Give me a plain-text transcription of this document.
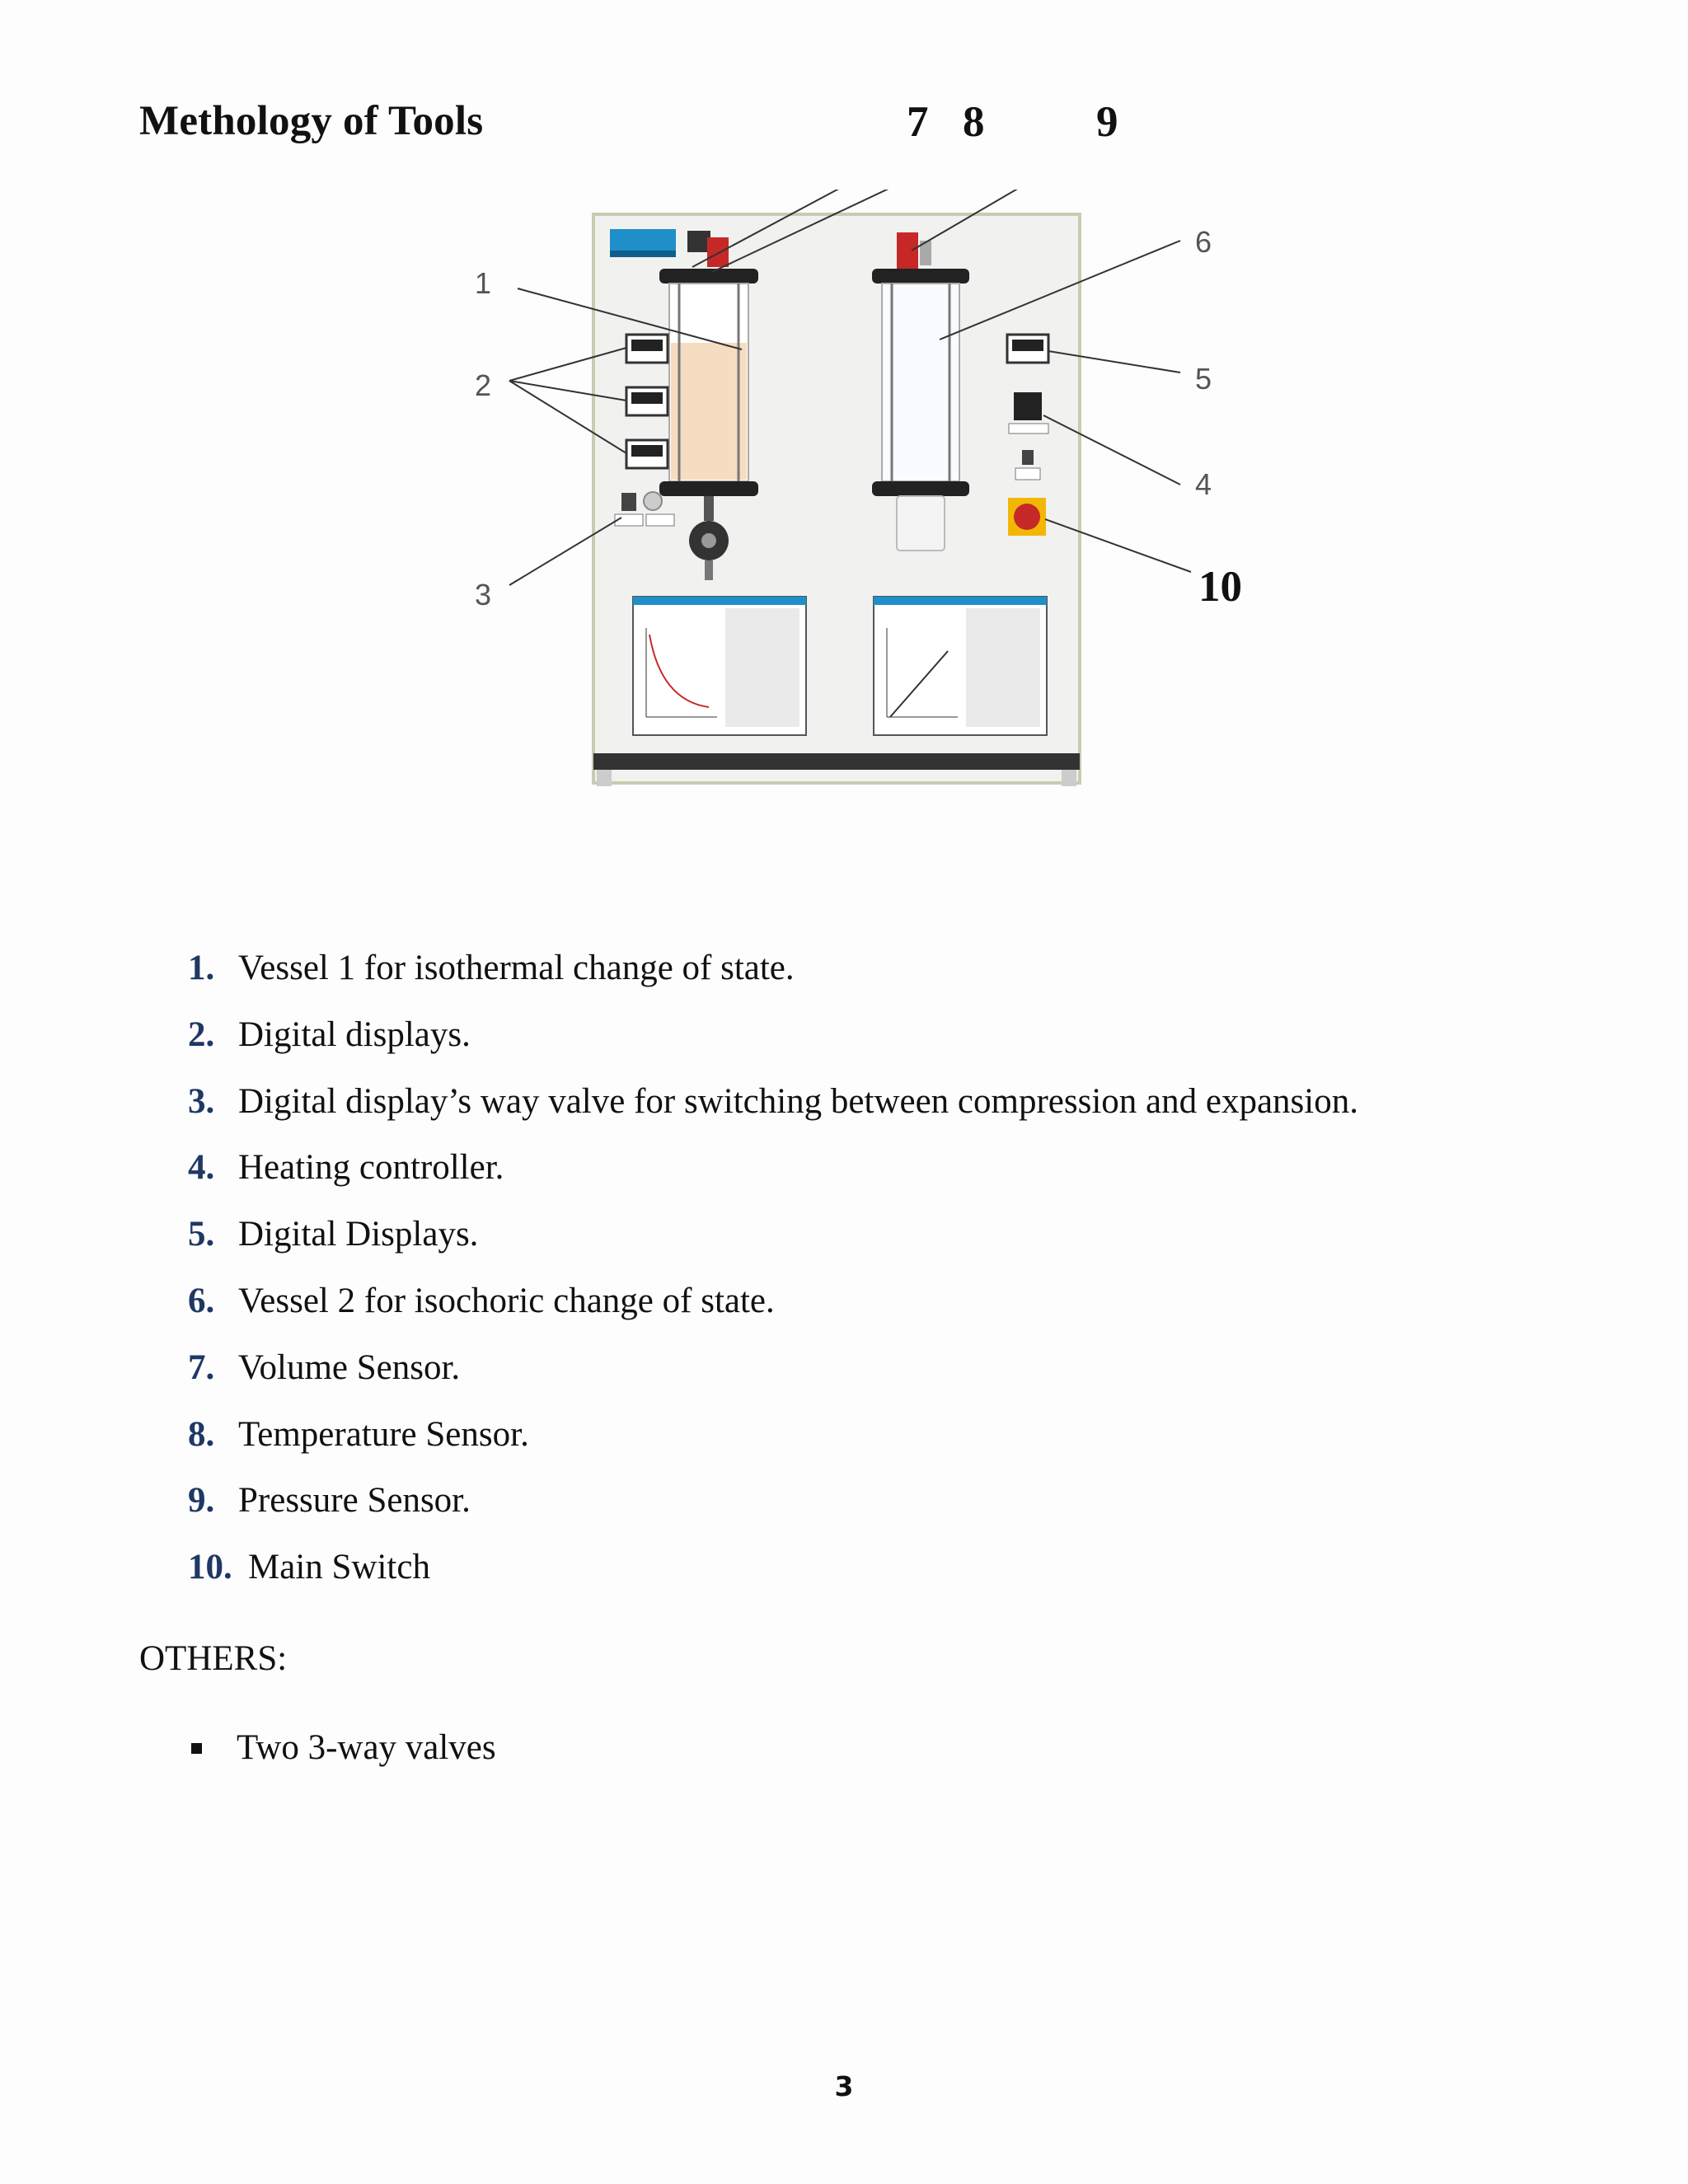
Methology of Tools	7 8	9
1
2
3
4
5
6
10
1. Vessel 1 for isothermal change of state.
2. Digital displays.
3. Digital display’s way valve for switching between compression and expansion.
4. Heating controller.
5. Digital Displays.
6. Vessel 2 for isochoric change of state.
7. Volume Sensor.
8. Temperature Sensor.
9. Pressure Sensor.
10. Main Switch

OTHERS:

Two 3-way valves
3
